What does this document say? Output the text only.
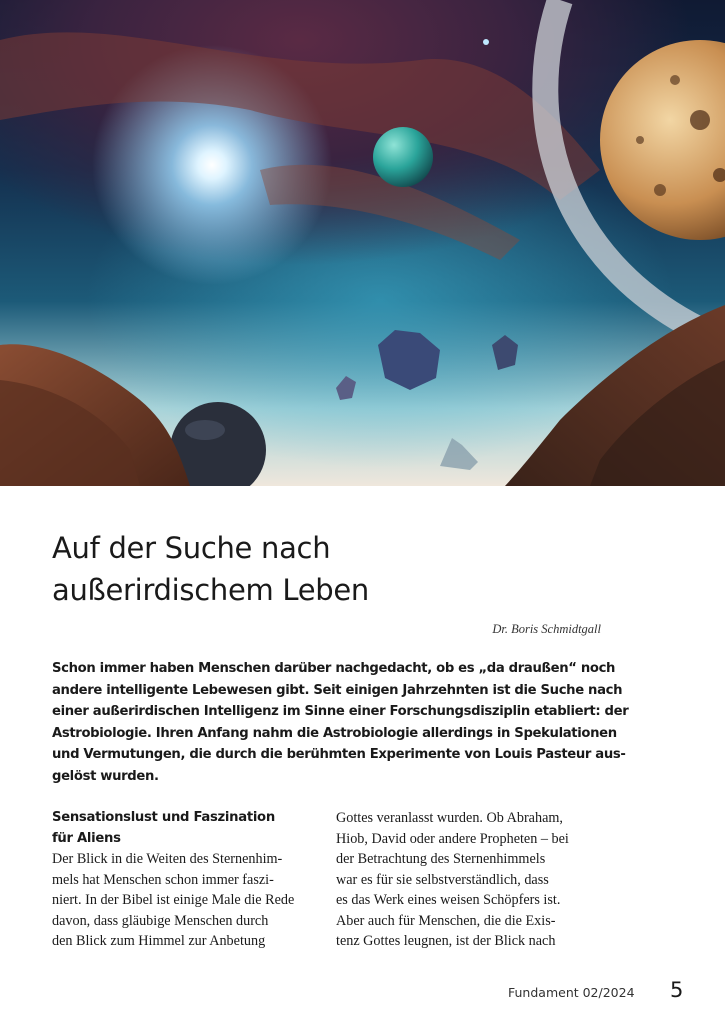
Auf der Suche nach
außerirdischem Leben
Dr. Boris Schmidtgall

Schon immer haben Menschen darüber nachgedacht, ob es „da draußen“ noch
andere intelligente Lebewesen gibt. Seit einigen Jahrzehnten ist die Suche nach
einer außerirdischen Intelligenz im Sinne einer Forschungsdisziplin etabliert: der
Astrobiologie. Ihren Anfang nahm die Astrobiologie allerdings in Spekulationen
und Vermutungen, die durch die berühmten Experimente von Louis Pasteur aus-
gelöst wurden.

Sensationslust und Faszination
für Aliens
Der Blick in die Weiten des Sternenhim-
mels hat Menschen schon immer faszi-
niert. In der Bibel ist einige Male die Rede
davon, dass gläubige Menschen durch
den Blick zum Himmel zur Anbetung
Gottes veranlasst wurden. Ob Abraham,
Hiob, David oder andere Propheten – bei
der Betrachtung des Sternenhimmels
war es für sie selbstverständlich, dass
es das Werk eines weisen Schöpfers ist.
Aber auch für Menschen, die die Exis-
tenz Gottes leugnen, ist der Blick nach
Fundament 02/2024 5
